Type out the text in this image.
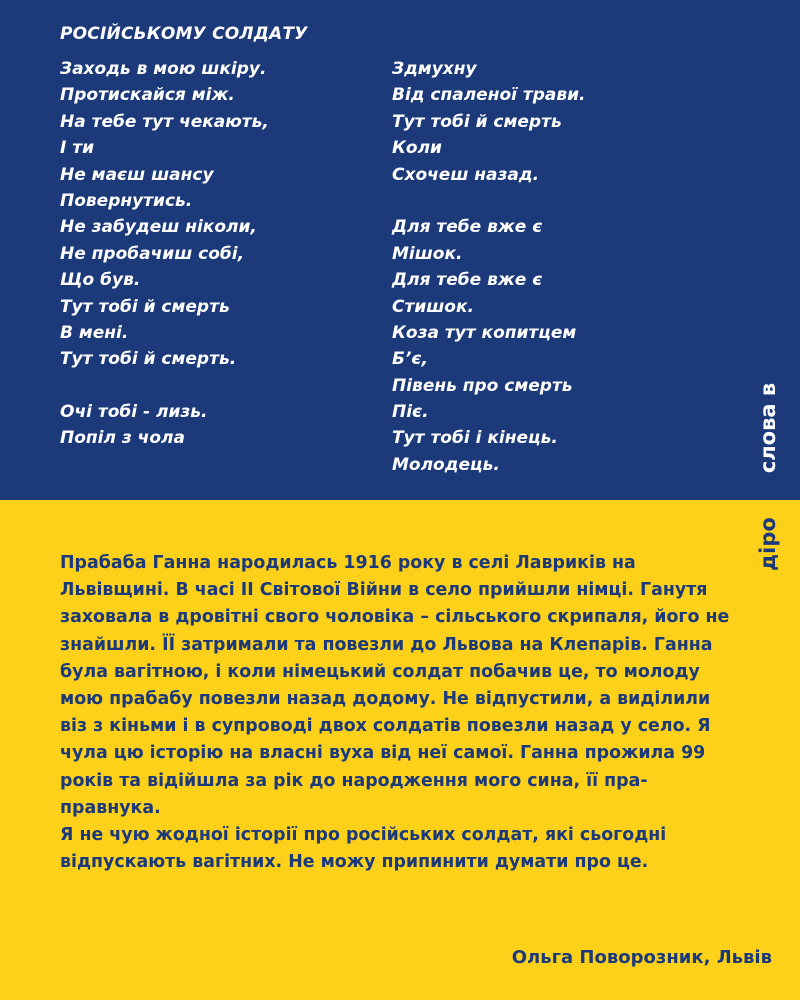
РОСІЙСЬКОМУ СОЛДАТУ
Заходь в мою шкіру.
Протискайся між.
На тебе тут чекають,
І ти
Не маєш шансу
Повернутись.
Не забудеш ніколи,
Не пробачиш собі,
Що був.
Тут тобі й смерть
В мені.
Тут тобі й смерть.
Очі тобі - лизь.
Попіл з чола
Здмухну
Від спаленої трави.
Тут тобі й смерть
Коли
Схочеш назад.
Для тебе вже є
Мішок.
Для тебе вже є
Стишок.
Коза тут копитцем
Б’є,
Півень про смерть
Піє.
Тут тобі і кінець.
Молодець.
Прабаба Ганна народилась 1916 року в селі Лавриків на Львівщині. В часі ІІ Світової Війни в село прийшли німці. Ганутя заховала в дровітні свого чоловіка – сільського скрипаля, його не знайшли. ЇЇ затримали та повезли до Львова на Клепарів. Ганна була вагітною, і коли німецький солдат побачив це, то молоду мою прабабу повезли назад додому. Не відпустили, а виділили віз з кіньми і в супроводі двох солдатів повезли назад у село. Я чула цю історію на власні вуха від неї самої. Ганна прожила 99 років та відійшла за рік до народження мого сина, її пра-правнука.
Я не чую жодної історії про російських солдат, які сьогодні відпускають вагітних. Не можу припинити думати про це.
Ольга Поворозник, Львів
слова в
діро
